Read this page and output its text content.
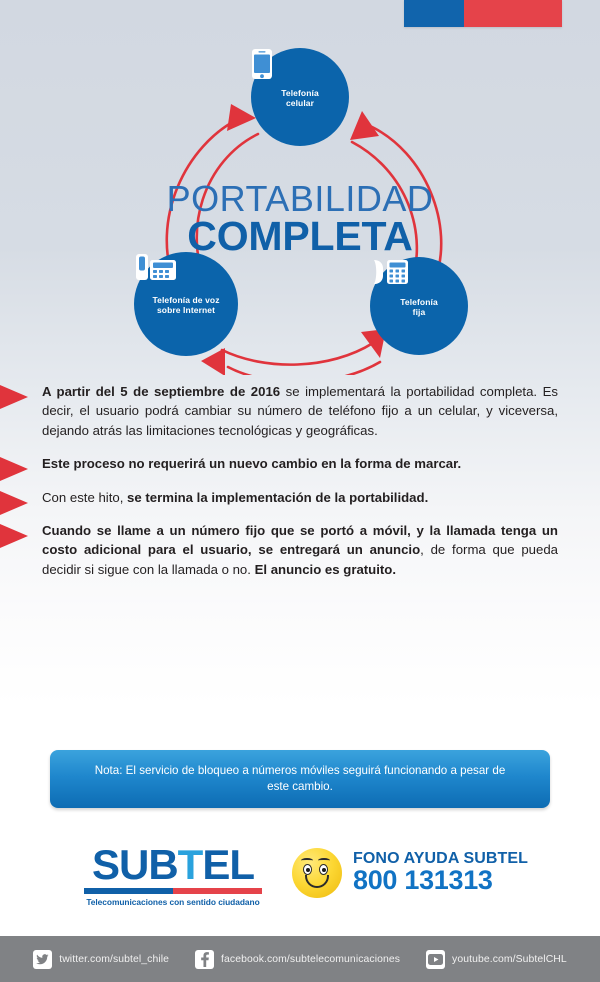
Telefonía
celular
Telefonía de voz
sobre Internet
Telefonía
fija
PORTABILIDAD
COMPLETA
A partir del 5 de septiembre de 2016 se implementará la portabilidad completa. Es decir, el usuario podrá cambiar su número de teléfono fijo a un celular, y viceversa, dejando atrás las limitaciones tecnológicas y geográficas.
Este proceso no requerirá un nuevo cambio en la forma de marcar.
Con este hito, se termina la implementación de la portabilidad.
Cuando se llame a un número fijo que se portó a móvil, y la llamada tenga un costo adicional para el usuario, se entregará un anuncio, de forma que pueda decidir si sigue con la llamada o no. El anuncio es gratuito.
Nota: El servicio de bloqueo a números móviles seguirá funcionando a pesar de este cambio.
SUBTEL
Telecomunicaciones con sentido ciudadano
FONO AYUDA SUBTEL
800 131313
twitter.com/subtel_chile	facebook.com/subtelecomunicaciones	youtube.com/SubtelCHL
